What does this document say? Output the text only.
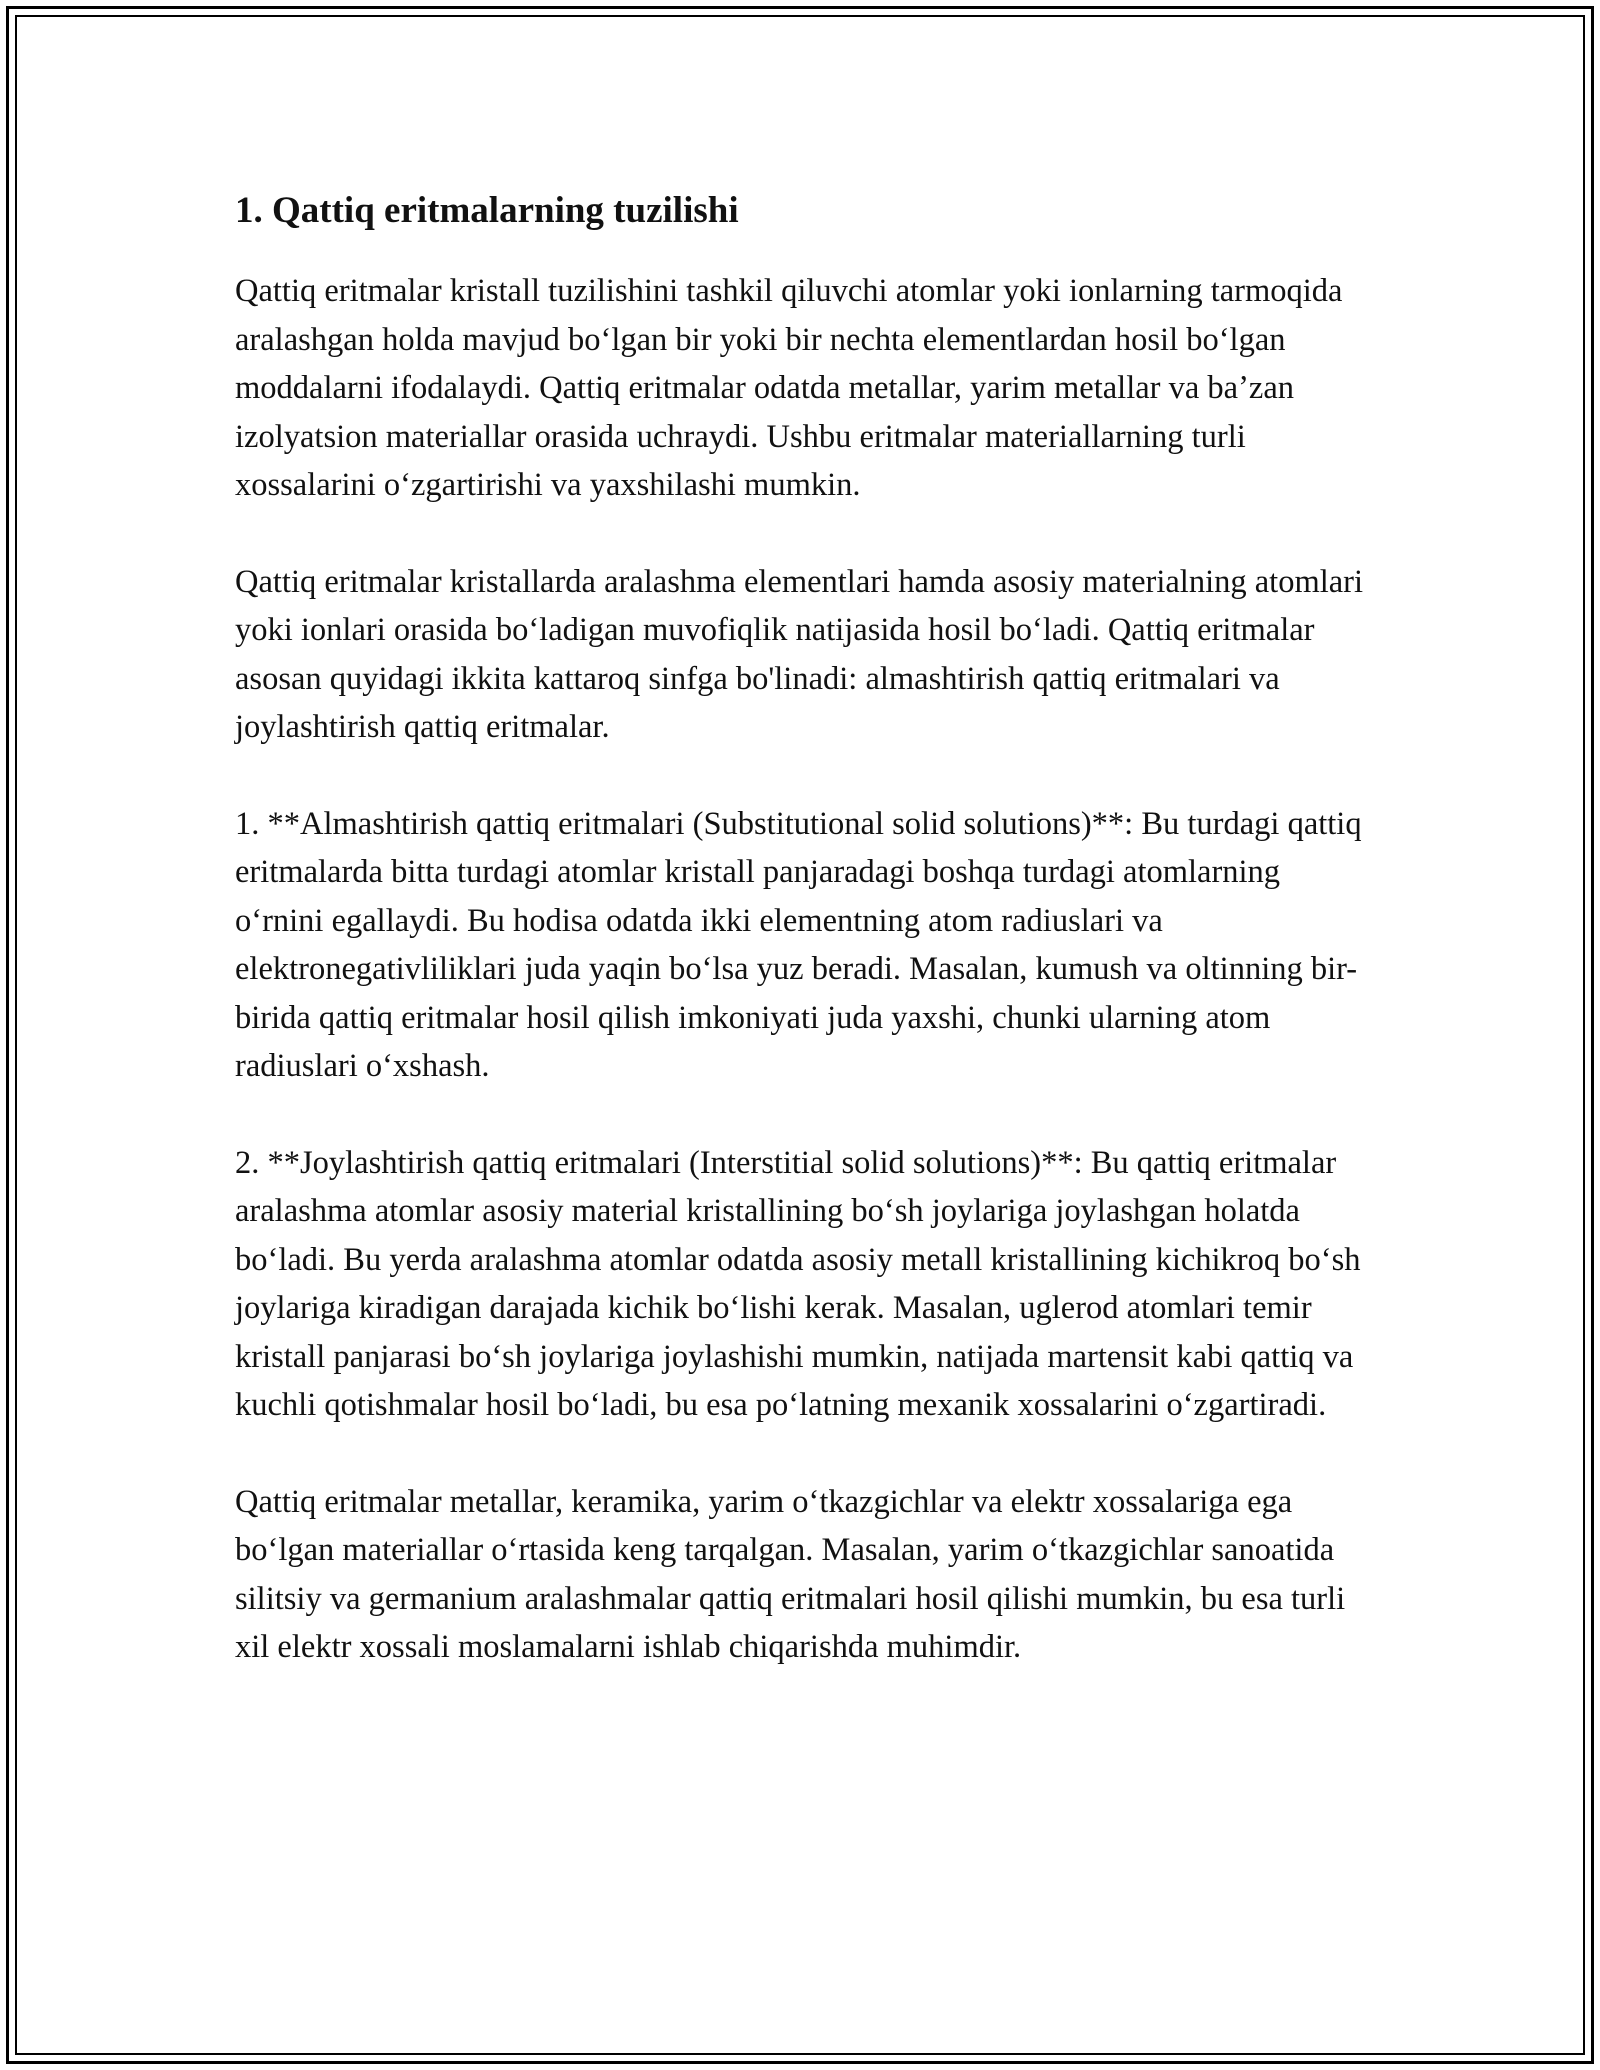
1. Qattiq eritmalarning tuzilishi

Qattiq eritmalar kristall tuzilishini tashkil qiluvchi atomlar yoki ionlarning tarmoqida aralashgan holda mavjud boʻlgan bir yoki bir nechta elementlardan hosil boʻlgan moddalarni ifodalaydi. Qattiq eritmalar odatda metallar, yarim metallar va baʼzan izolyatsion materiallar orasida uchraydi. Ushbu eritmalar materiallarning turli xossalarini oʻzgartirishi va yaxshilashi mumkin.

Qattiq eritmalar kristallarda aralashma elementlari hamda asosiy materialning atomlari yoki ionlari orasida boʻladigan muvofiqlik natijasida hosil boʻladi. Qattiq eritmalar asosan quyidagi ikkita kattaroq sinfga bo'linadi: almashtirish qattiq eritmalari va joylashtirish qattiq eritmalar.

1. **Almashtirish qattiq eritmalari (Substitutional solid solutions)**: Bu turdagi qattiq eritmalarda bitta turdagi atomlar kristall panjaradagi boshqa turdagi atomlarning oʻrnini egallaydi. Bu hodisa odatda ikki elementning atom radiuslari va elektronegativliliklari juda yaqin boʻlsa yuz beradi. Masalan, kumush va oltinning bir-birida qattiq eritmalar hosil qilish imkoniyati juda yaxshi, chunki ularning atom radiuslari oʻxshash.

2. **Joylashtirish qattiq eritmalari (Interstitial solid solutions)**: Bu qattiq eritmalar aralashma atomlar asosiy material kristallining boʻsh joylariga joylashgan holatda boʻladi. Bu yerda aralashma atomlar odatda asosiy metall kristallining kichikroq boʻsh joylariga kiradigan darajada kichik boʻlishi kerak. Masalan, uglerod atomlari temir kristall panjarasi boʻsh joylariga joylashishi mumkin, natijada martensit kabi qattiq va kuchli qotishmalar hosil boʻladi, bu esa poʻlatning mexanik xossalarini oʻzgartiradi.

Qattiq eritmalar metallar, keramika, yarim oʻtkazgichlar va elektr xossalariga ega boʻlgan materiallar oʻrtasida keng tarqalgan. Masalan, yarim oʻtkazgichlar sanoatida silitsiy va germanium aralashmalar qattiq eritmalari hosil qilishi mumkin, bu esa turli xil elektr xossali moslamalarni ishlab chiqarishda muhimdir.
